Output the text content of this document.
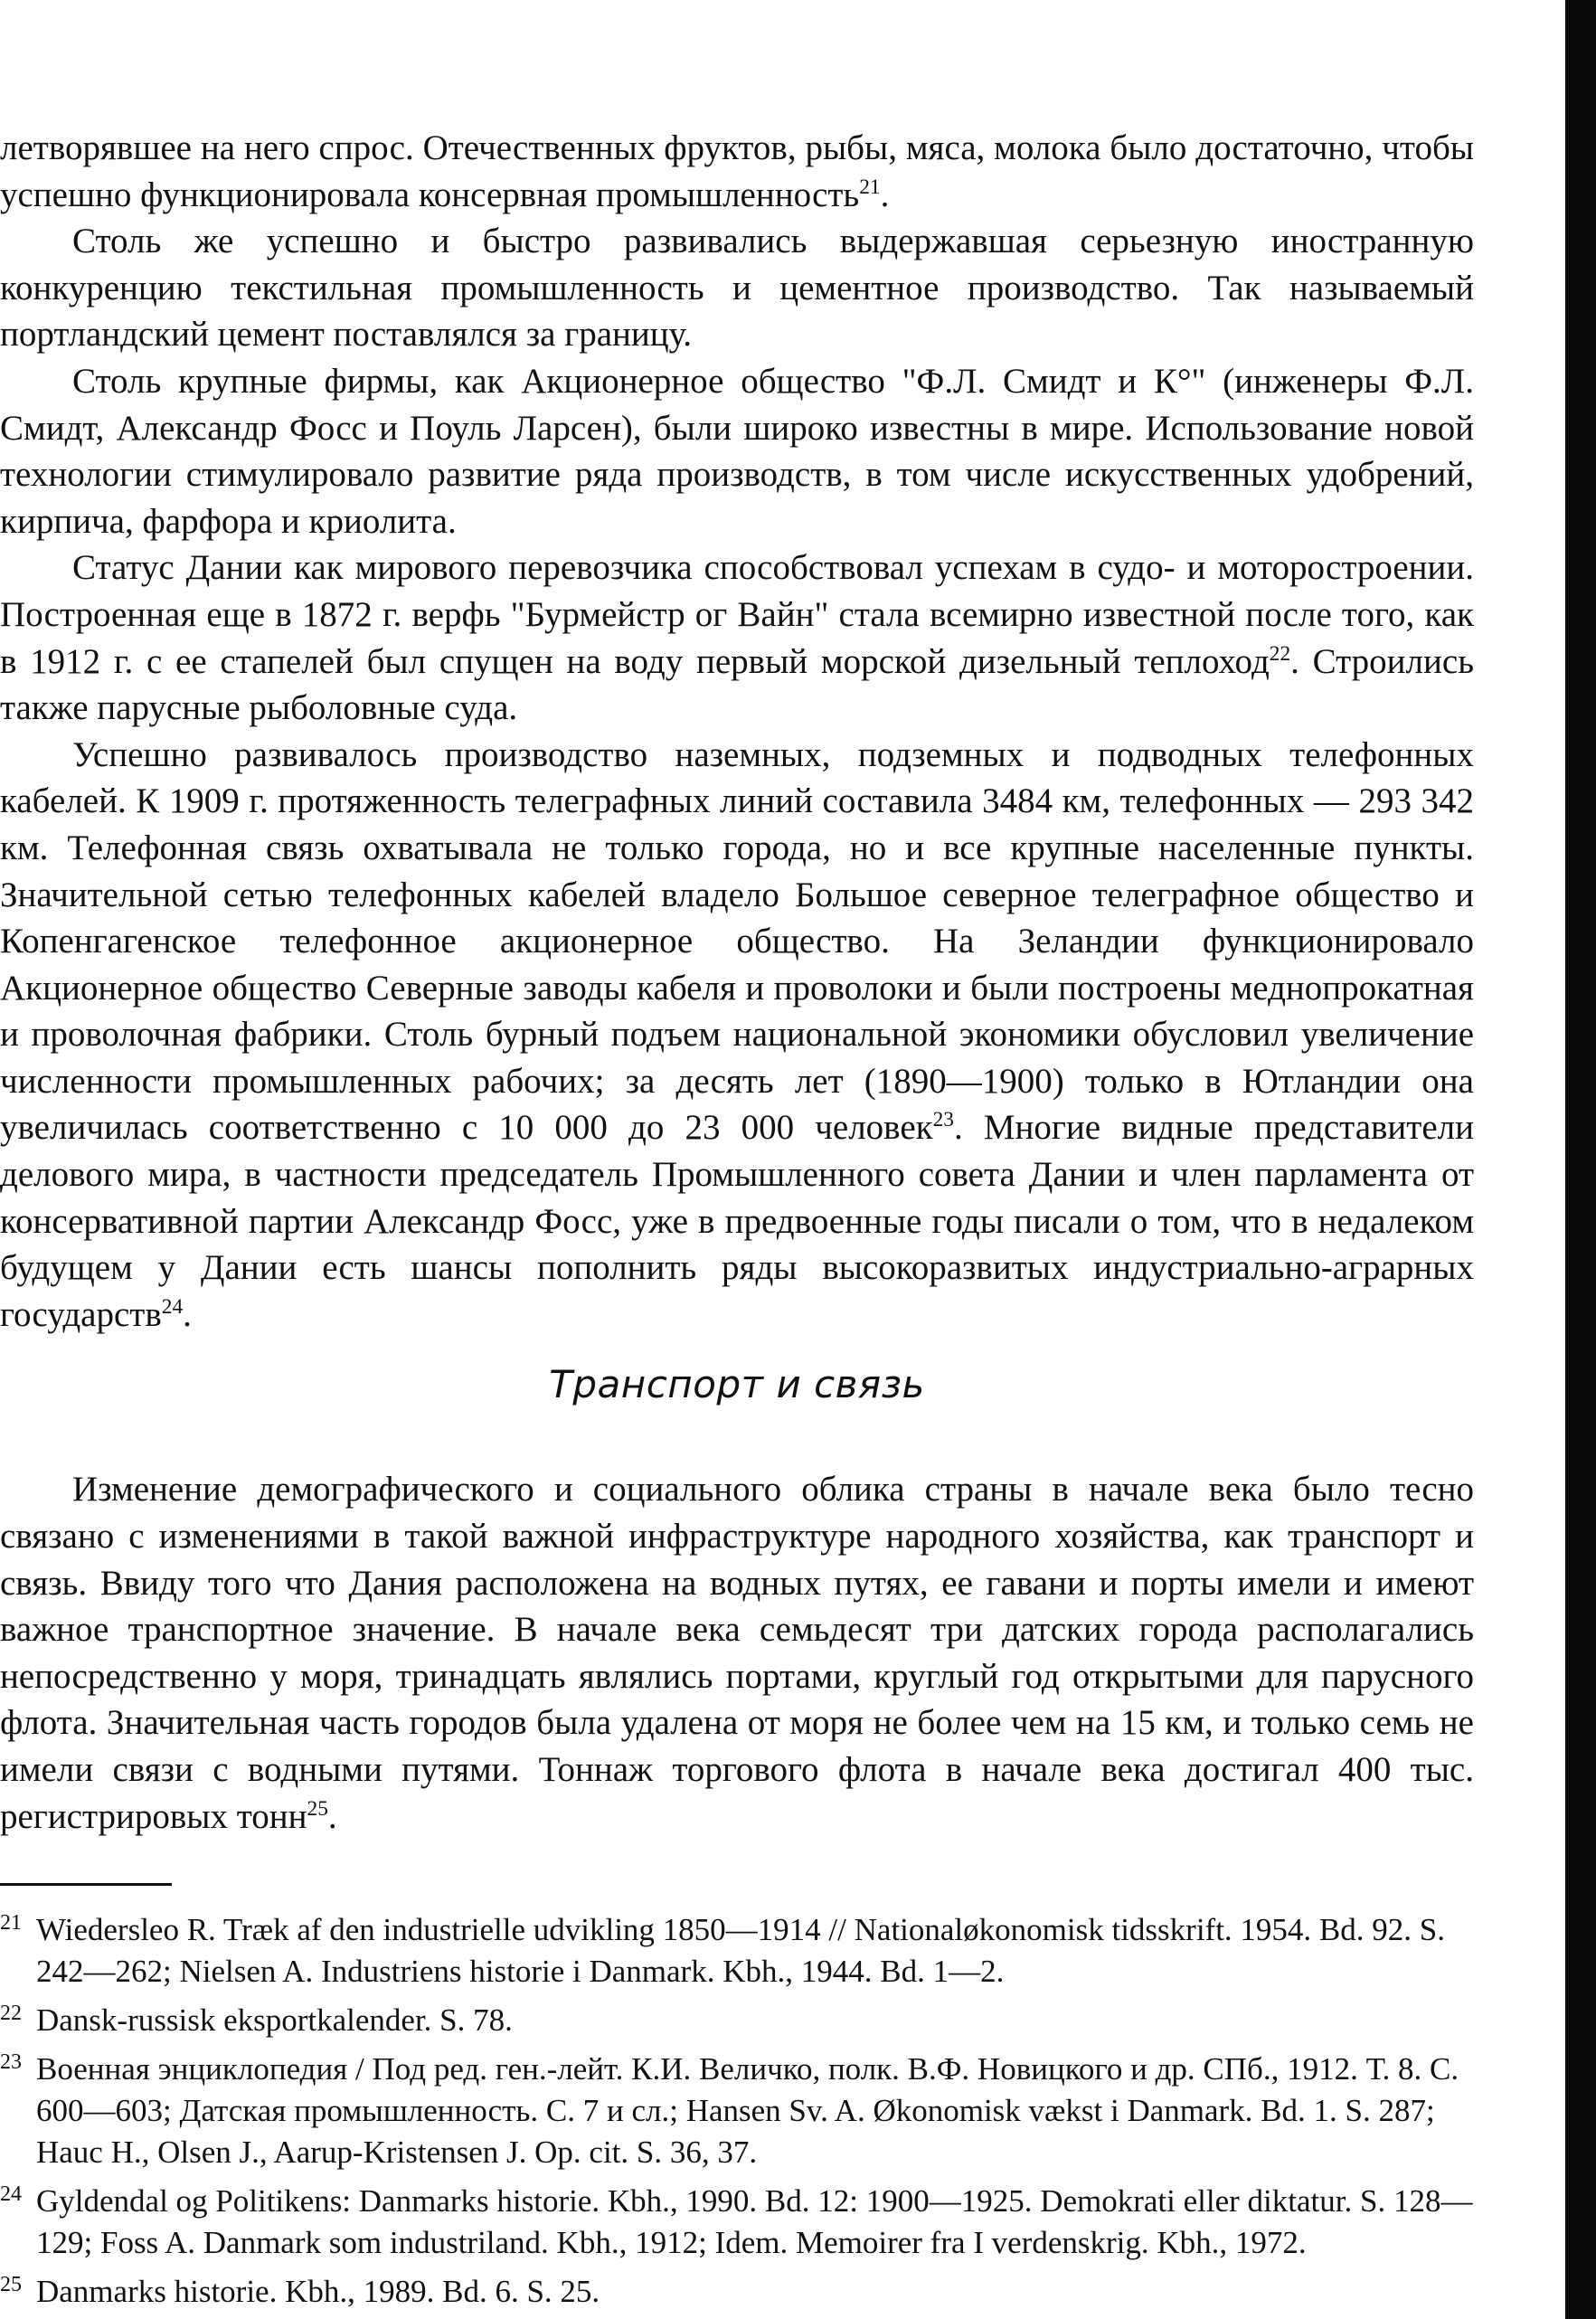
летворявшее на него спрос. Отечественных фруктов, рыбы, мяса, молока было достаточно, чтобы успешно функционировала консервная промышленность$^{21}$.

Столь же успешно и быстро развивались выдержавшая серьезную иностранную конкуренцию текстильная промышленность и цементное производство. Так называемый портландский цемент поставлялся за границу.

Столь крупные фирмы, как Акционерное общество "Ф.Л. Смидт и К°" (инженеры Ф.Л. Смидт, Александр Фосс и Поуль Ларсен), были широко известны в мире. Использование новой технологии стимулировало развитие ряда производств, в том числе искусственных удобрений, кирпича, фарфора и криолита.

Статус Дании как мирового перевозчика способствовал успехам в судо- и моторостроении. Построенная еще в 1872 г. верфь "Бурмейстр ог Вайн" стала всемирно известной после того, как в 1912 г. с ее стапелей был спущен на воду первый морской дизельный теплоход$^{22}$. Строились также парусные рыболовные суда.

Успешно развивалось производство наземных, подземных и подводных телефонных кабелей. К 1909 г. протяженность телеграфных линий составила 3484 км, телефонных — 293 342 км. Телефонная связь охватывала не только города, но и все крупные населенные пункты. Значительной сетью телефонных кабелей владело Большое северное телеграфное общество и Копенгагенское телефонное акционерное общество. На Зеландии функционировало Акционерное общество Северные заводы кабеля и проволоки и были построены меднопрокатная и проволочная фабрики. Столь бурный подъем национальной экономики обусловил увеличение численности промышленных рабочих; за десять лет (1890—1900) только в Ютландии она увеличилась соответственно с 10 000 до 23 000 человек$^{23}$. Многие видные представители делового мира, в частности председатель Промышленного совета Дании и член парламента от консервативной партии Александр Фосс, уже в предвоенные годы писали о том, что в недалеком будущем у Дании есть шансы пополнить ряды высокоразвитых индустриально-аграрных государств$^{24}$.

Транспорт и связь

Изменение демографического и социального облика страны в начале века было тесно связано с изменениями в такой важной инфраструктуре народного хозяйства, как транспорт и связь. Ввиду того что Дания расположена на водных путях, ее гавани и порты имели и имеют важное транспортное значение. В начале века семьдесят три датских города располагались непосредственно у моря, тринадцать являлись портами, круглый год открытыми для парусного флота. Значительная часть городов была удалена от моря не более чем на 15 км, и только семь не имели связи с водными путями. Тоннаж торгового флота в начале века достигал 400 тыс. регистрировых тонн$^{25}$.

21 Wiedersleo R. Træk af den industrielle udvikling 1850—1914 // Nationaløkonomisk tidsskrift. 1954. Bd. 92. S. 242—262; Nielsen A. Industriens historie i Danmark. Kbh., 1944. Bd. 1—2.

22 Dansk-russisk eksportkalender. S. 78.

23 Военная энциклопедия / Под ред. ген.-лейт. К.И. Величко, полк. В.Ф. Новицкого и др. СПб., 1912. Т. 8. С. 600—603; Датская промышленность. С. 7 и сл.; Hansen Sv. A. Økonomisk vækst i Danmark. Bd. 1. S. 287; Hauc H., Olsen J., Aarup-Kristensen J. Op. cit. S. 36, 37.

24 Gyldendal og Politikens: Danmarks historie. Kbh., 1990. Bd. 12: 1900—1925. Demokrati eller diktatur. S. 128—129; Foss A. Danmark som industriland. Kbh., 1912; Idem. Memoirer fra I verdenskrig. Kbh., 1972.

25 Danmarks historie. Kbh., 1989. Bd. 6. S. 25.
